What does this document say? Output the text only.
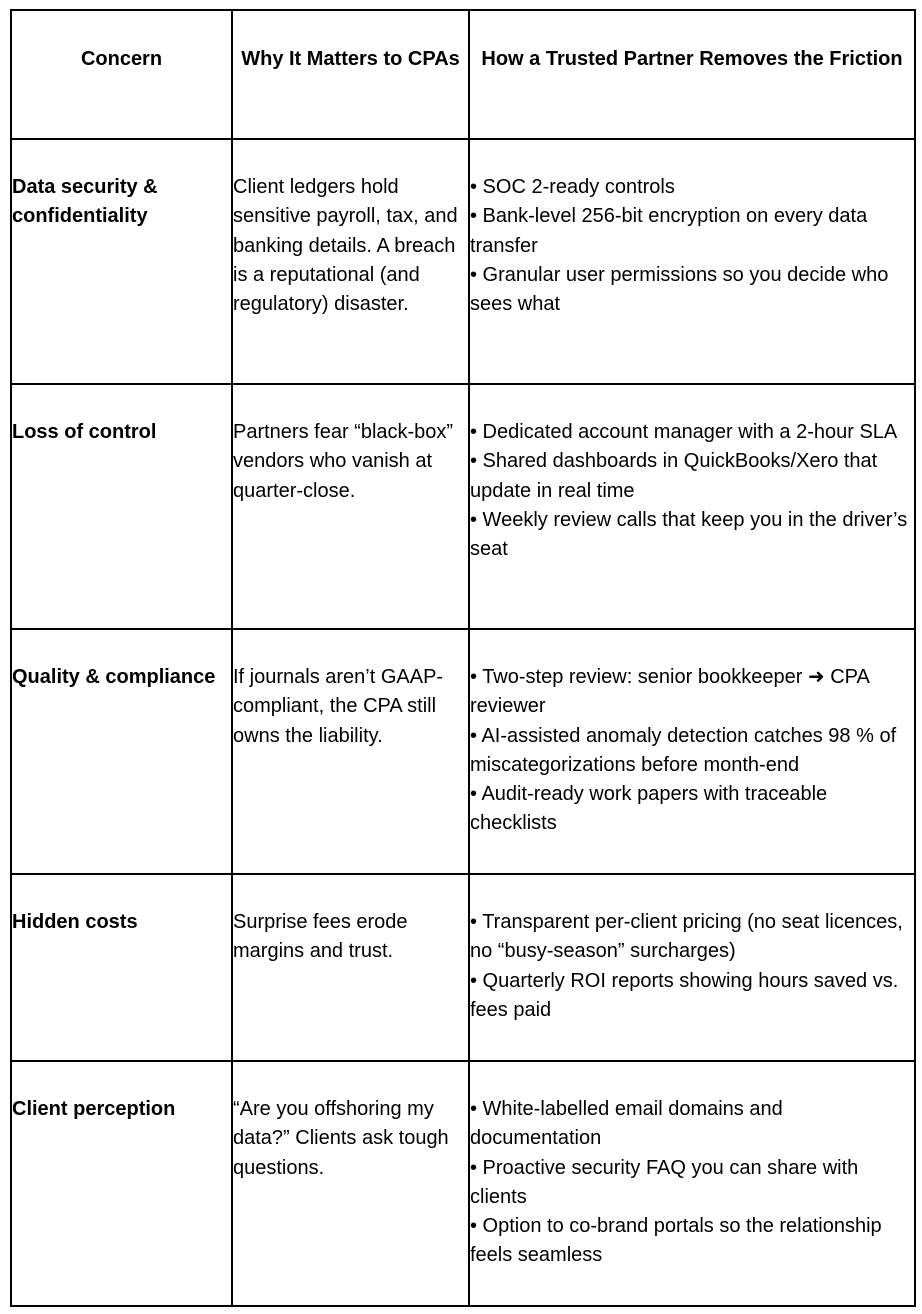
Concern	Why It Matters to CPAs	How a Trusted Partner Removes the Friction
Data security & confidentiality	Client ledgers hold sensitive payroll, tax, and banking details. A breach is a reputational (and regulatory) disaster.	• SOC 2-ready controls
• Bank-level 256-bit encryption on every data transfer
• Granular user permissions so you decide who sees what

Loss of control	Partners fear “black-box” vendors who vanish at quarter-close.	• Dedicated account manager with a 2-hour SLA
• Shared dashboards in QuickBooks/Xero that update in real time
• Weekly review calls that keep you in the driver’s seat

Quality & compliance	If journals aren’t GAAP-compliant, the CPA still owns the liability.	• Two-step review: senior bookkeeper ➜ CPA reviewer
• AI-assisted anomaly detection catches 98 % of miscategorizations before month-end
• Audit-ready work papers with traceable checklists

Hidden costs	Surprise fees erode margins and trust.	• Transparent per-client pricing (no seat licences, no “busy-season” surcharges)
• Quarterly ROI reports showing hours saved vs. fees paid

Client perception	“Are you offshoring my data?” Clients ask tough questions.	• White-labelled email domains and documentation
• Proactive security FAQ you can share with clients
• Option to co-brand portals so the relationship feels seamless
